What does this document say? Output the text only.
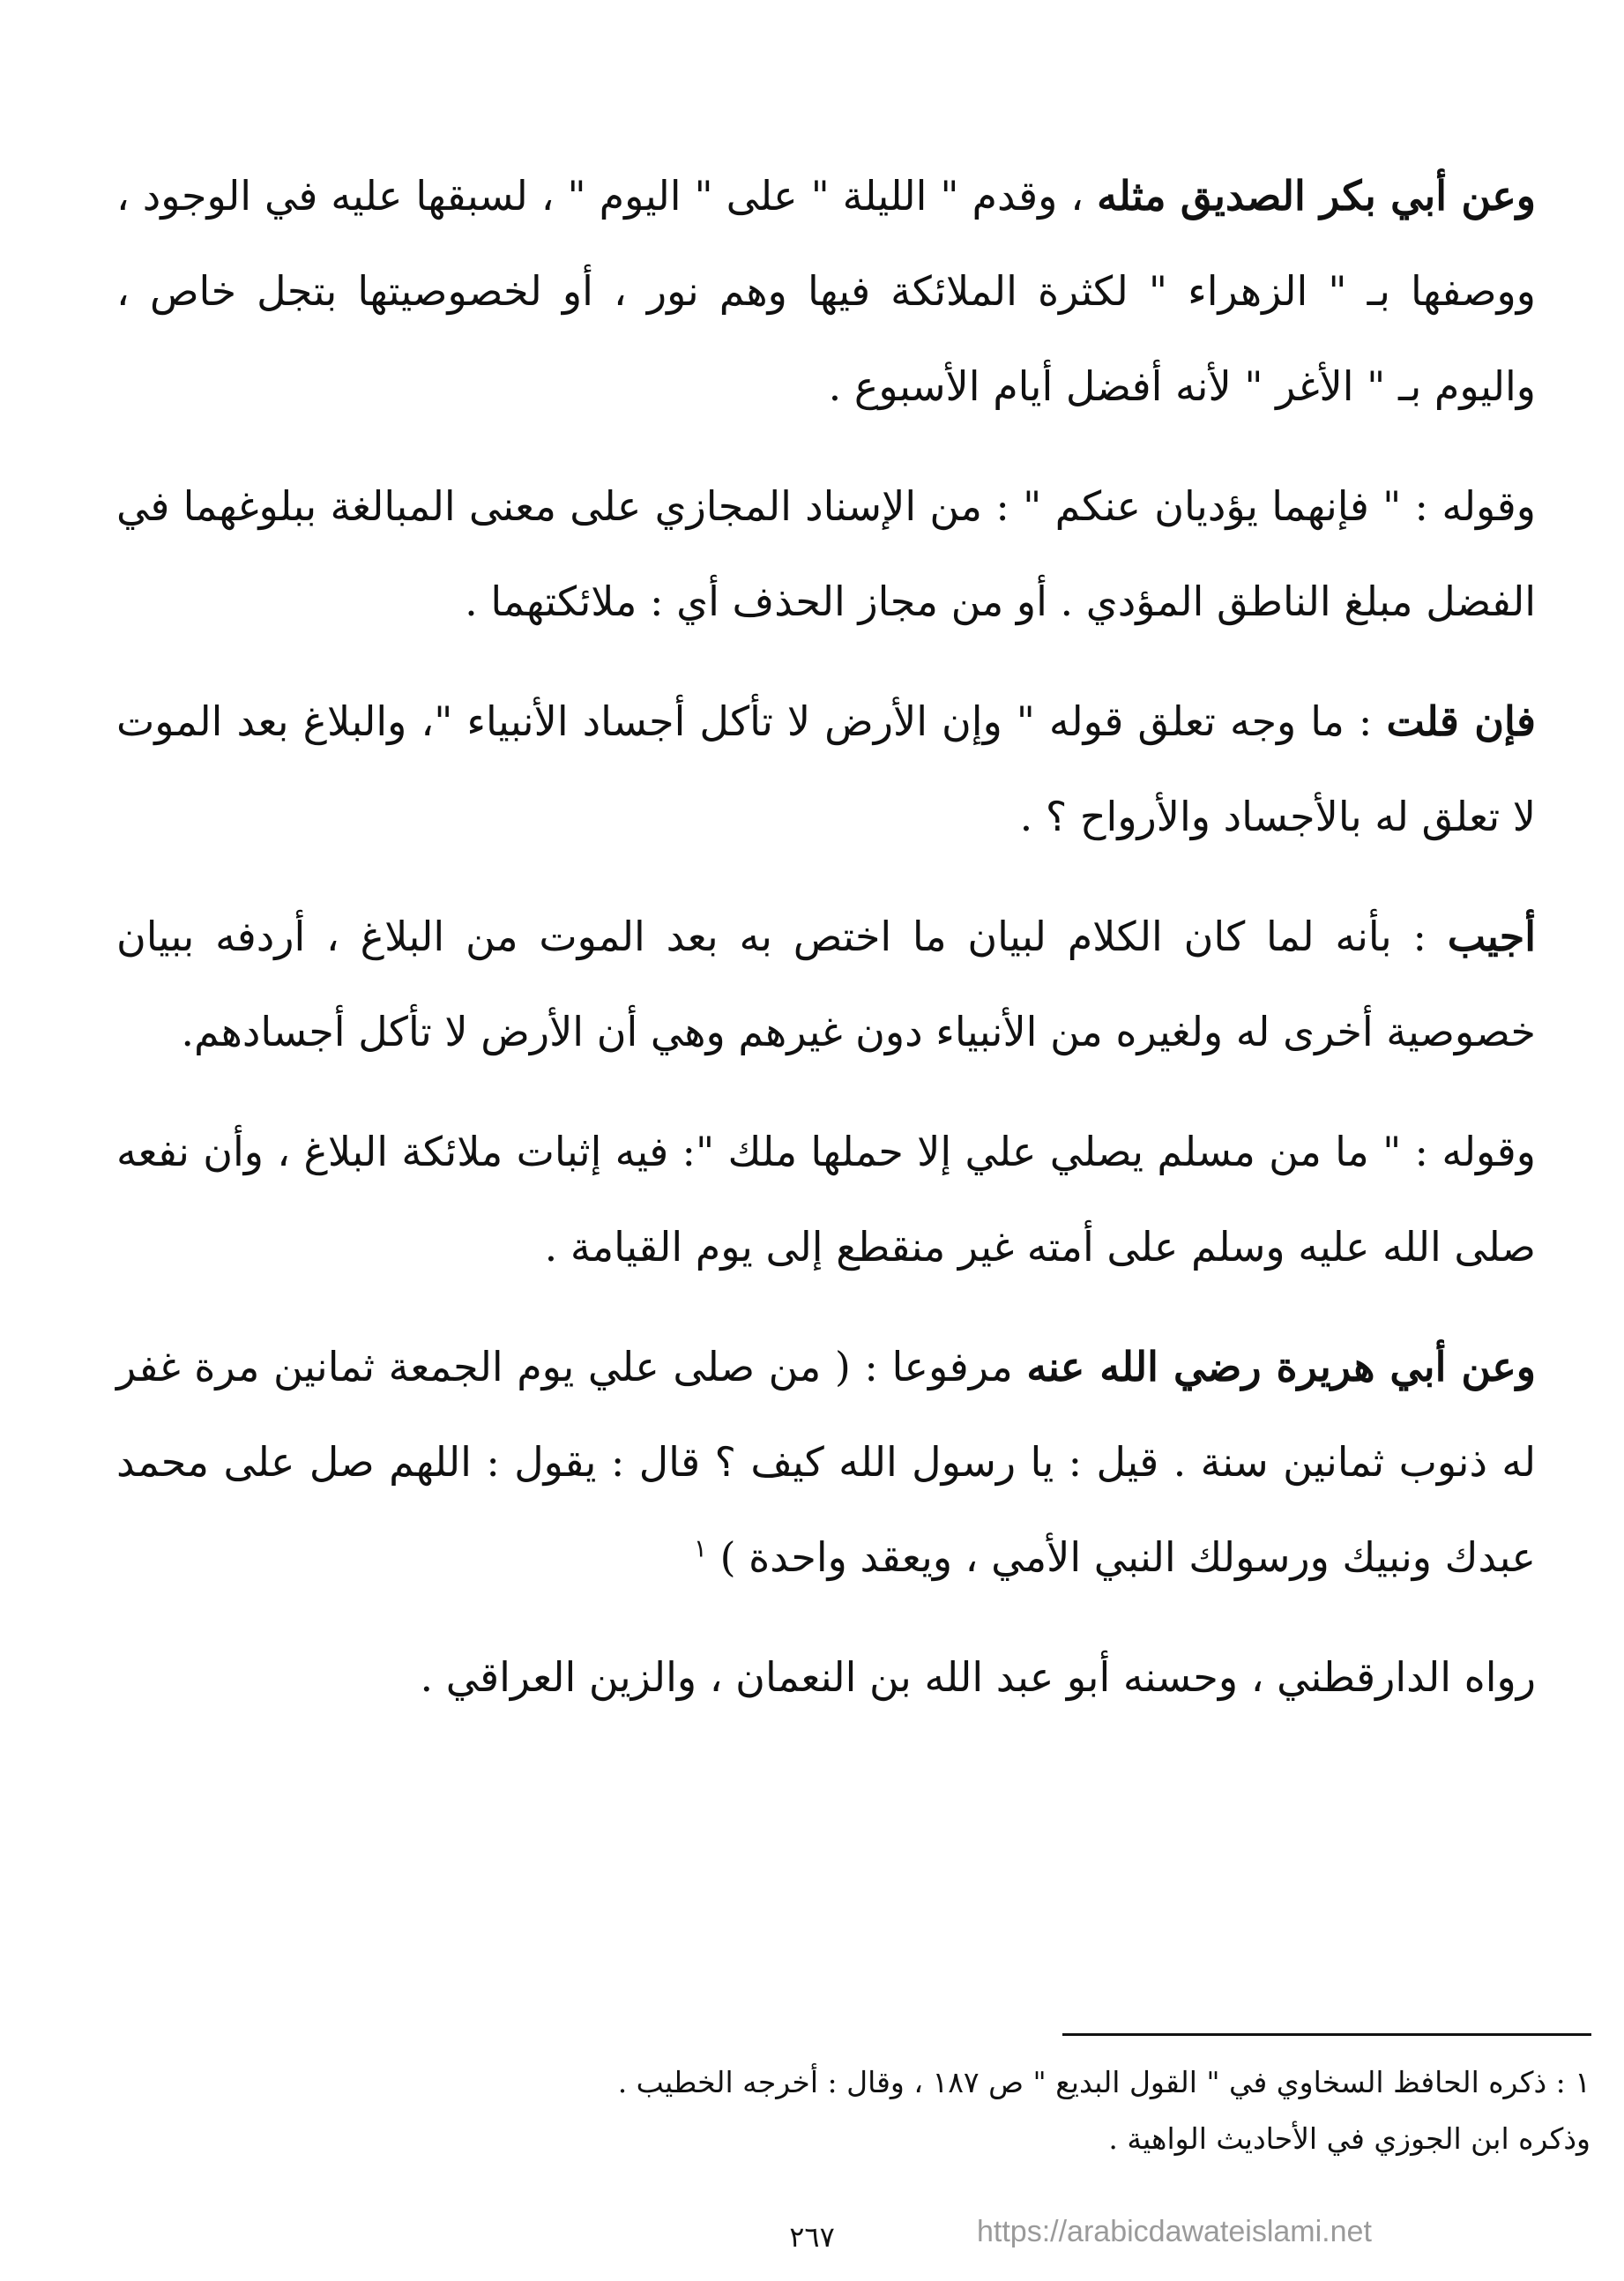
وعن أبي بكر الصديق مثله ، وقدم " الليلة " على " اليوم " ، لسبقها عليه في الوجود ، ووصفها بـ " الزهراء " لكثرة الملائكة فيها وهم نور ، أو لخصوصيتها بتجل خاص ، واليوم بـ " الأغر " لأنه أفضل أيام الأسبوع .

وقوله : " فإنهما يؤديان عنكم " : من الإسناد المجازي على معنى المبالغة ببلوغهما في الفضل مبلغ الناطق المؤدي . أو من مجاز الحذف أي : ملائكتهما .

فإن قلت : ما وجه تعلق قوله " وإن الأرض لا تأكل أجساد الأنبياء "، والبلاغ بعد الموت لا تعلق له بالأجساد والأرواح ؟ .

أجيب : بأنه لما كان الكلام لبيان ما اختص به بعد الموت من البلاغ ، أردفه ببيان خصوصية أخرى له ولغيره من الأنبياء دون غيرهم وهي أن الأرض لا تأكل أجسادهم.

وقوله : " ما من مسلم يصلي علي إلا حملها ملك ": فيه إثبات ملائكة البلاغ ، وأن نفعه صلى الله عليه وسلم على أمته غير منقطع إلى يوم القيامة .

وعن أبي هريرة رضي الله عنه مرفوعا : ( من صلى علي يوم الجمعة ثمانين مرة غفر له ذنوب ثمانين سنة . قيل : يا رسول الله كيف ؟ قال : يقول : اللهم صل على محمد عبدك ونبيك ورسولك النبي الأمي ، ويعقد واحدة ) $^١$

رواه الدارقطني ، وحسنه أبو عبد الله بن النعمان ، والزين العراقي .

١ : ذكره الحافظ السخاوي في " القول البديع " ص ١٨٧ ، وقال : أخرجه الخطيب .

وذكره ابن الجوزي في الأحاديث الواهية .

٢٦٧	https://arabicdawateislami.net
